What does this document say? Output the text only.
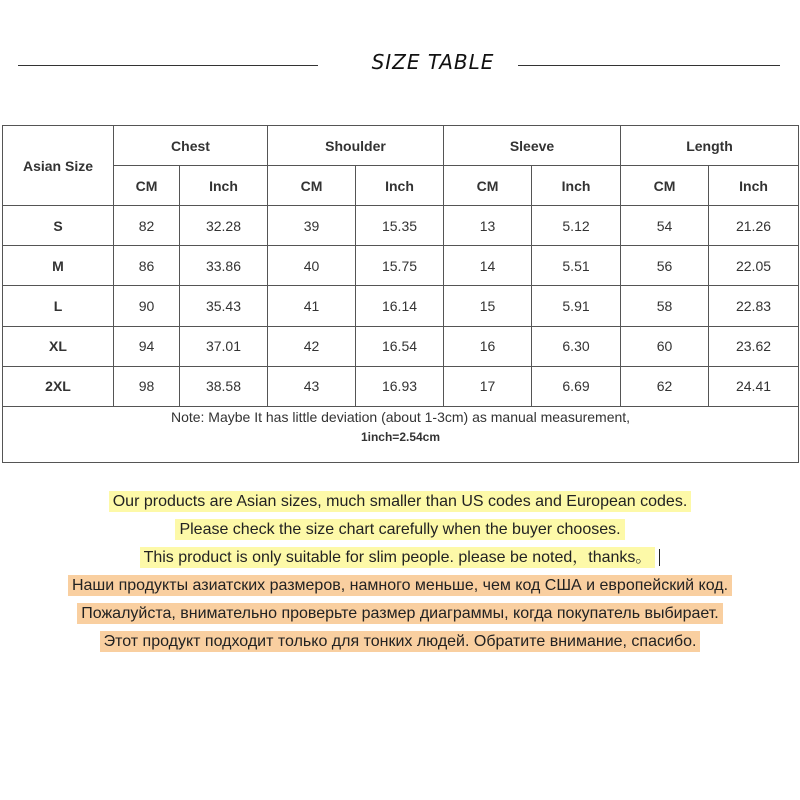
SIZE TABLE
Asian Size	Chest		Shoulder		Sleeve		Length	
	CM	Inch	CM	Inch	CM	Inch	CM	Inch
S	82	32.28	39	15.35	13	5.12	54	21.26
M	86	33.86	40	15.75	14	5.51	56	22.05
L	90	35.43	41	16.14	15	5.91	58	22.83
XL	94	37.01	42	16.54	16	6.30	60	23.62
2XL	98	38.58	43	16.93	17	6.69	62	24.41
Note: Maybe It has little deviation (about 1-3cm) as manual measurement,
1inch=2.54cm								
Our products are Asian sizes, much smaller than US codes and European codes.
Please check the size chart carefully when the buyer chooses.
This product is only suitable for slim people. please be noted，thanks。
Наши продукты азиатских размеров, намного меньше, чем код США и европейский код.
Пожалуйста, внимательно проверьте размер диаграммы, когда покупатель выбирает.
Этот продукт подходит только для тонких людей. Обратите внимание, спасибо.
